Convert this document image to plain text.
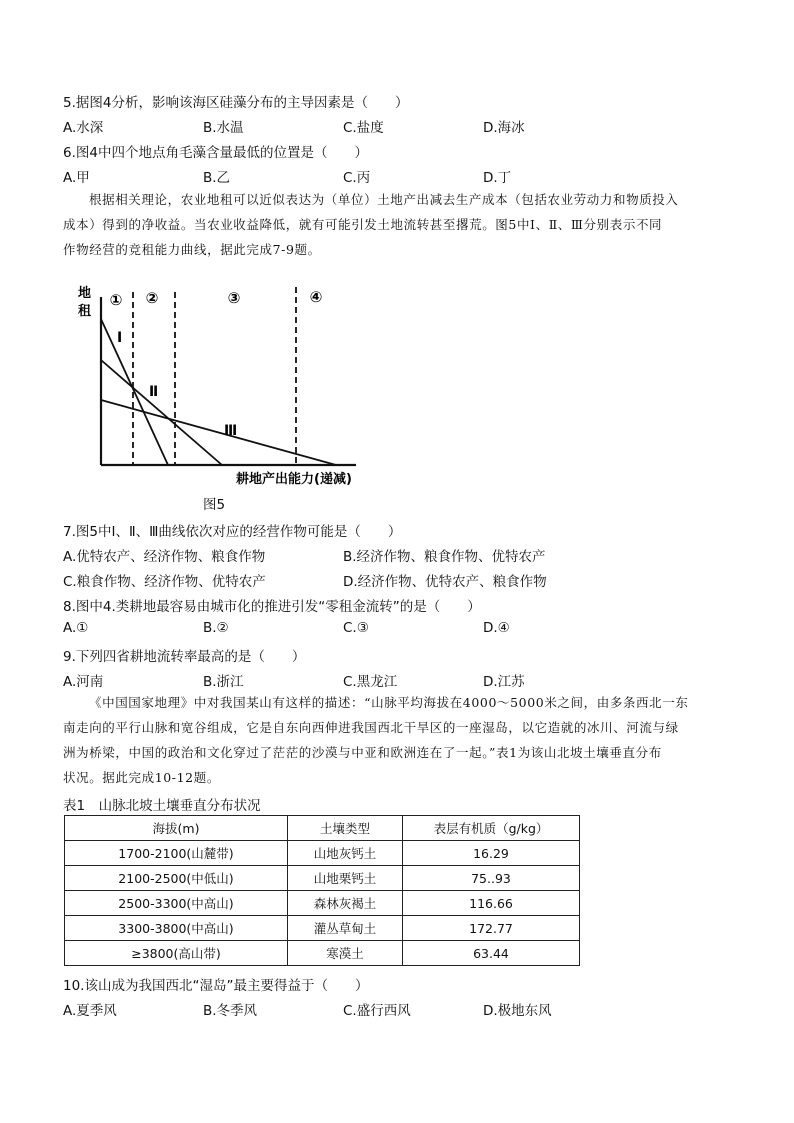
5.据图4分析，影响该海区硅藻分布的主导因素是（　　）
A.水深	B.水温	C.盐度	D.海冰
6.图4中四个地点角毛藻含量最低的位置是（　　）
A.甲	B.乙	C.丙	D.丁
根据相关理论，农业地租可以近似表达为（单位）土地产出减去生产成本（包括农业劳动力和物质投入
成本）得到的净收益。当农业收益降低，就有可能引发土地流转甚至撂荒。图5中Ⅰ、Ⅱ、Ⅲ分别表示不同
作物经营的竞租能力曲线，据此完成7-9题。
地
租
① ②	③	④
Ⅰ
Ⅱ
Ⅲ
耕地产出能力(递减)
图5
7.图5中Ⅰ、Ⅱ、Ⅲ曲线依次对应的经营作物可能是（　　）
A.优特农产、经济作物、粮食作物	B.经济作物、粮食作物、优特农产
C.粮食作物、经济作物、优特农产	D.经济作物、优特农产、粮食作物
8.图中4.类耕地最容易由城市化的推进引发“零租金流转”的是（　　）
A.①	B.②	C.③	D.④
9.下列四省耕地流转率最高的是（　　）
A.河南	B.浙江	C.黑龙江	D.江苏
《中国国家地理》中对我国某山有这样的描述：“山脉平均海拔在4000～5000米之间，由多条西北一东
南走向的平行山脉和宽谷组成，它是自东向西伸进我国西北干旱区的一座湿岛，以它造就的冰川、河流与绿
洲为桥梁，中国的政治和文化穿过了茫茫的沙漠与中亚和欧洲连在了一起。”表1为该山北坡土壤垂直分布
状况。据此完成10-12题。
表1　山脉北坡土壤垂直分布状况
海拔(m)	土壤类型	表层有机质（g/kg）
1700-2100(山麓带)	山地灰钙土	16.29
2100-2500(中低山)	山地栗钙土	75..93
2500-3300(中高山)	森林灰褐土	116.66
3300-3800(中高山)	灌丛草甸土	172.77
≥3800(高山带)	寒漠土	63.44
10.该山成为我国西北“湿岛”最主要得益于（　　）
A.夏季风	B.冬季风	C.盛行西风	D.极地东风
